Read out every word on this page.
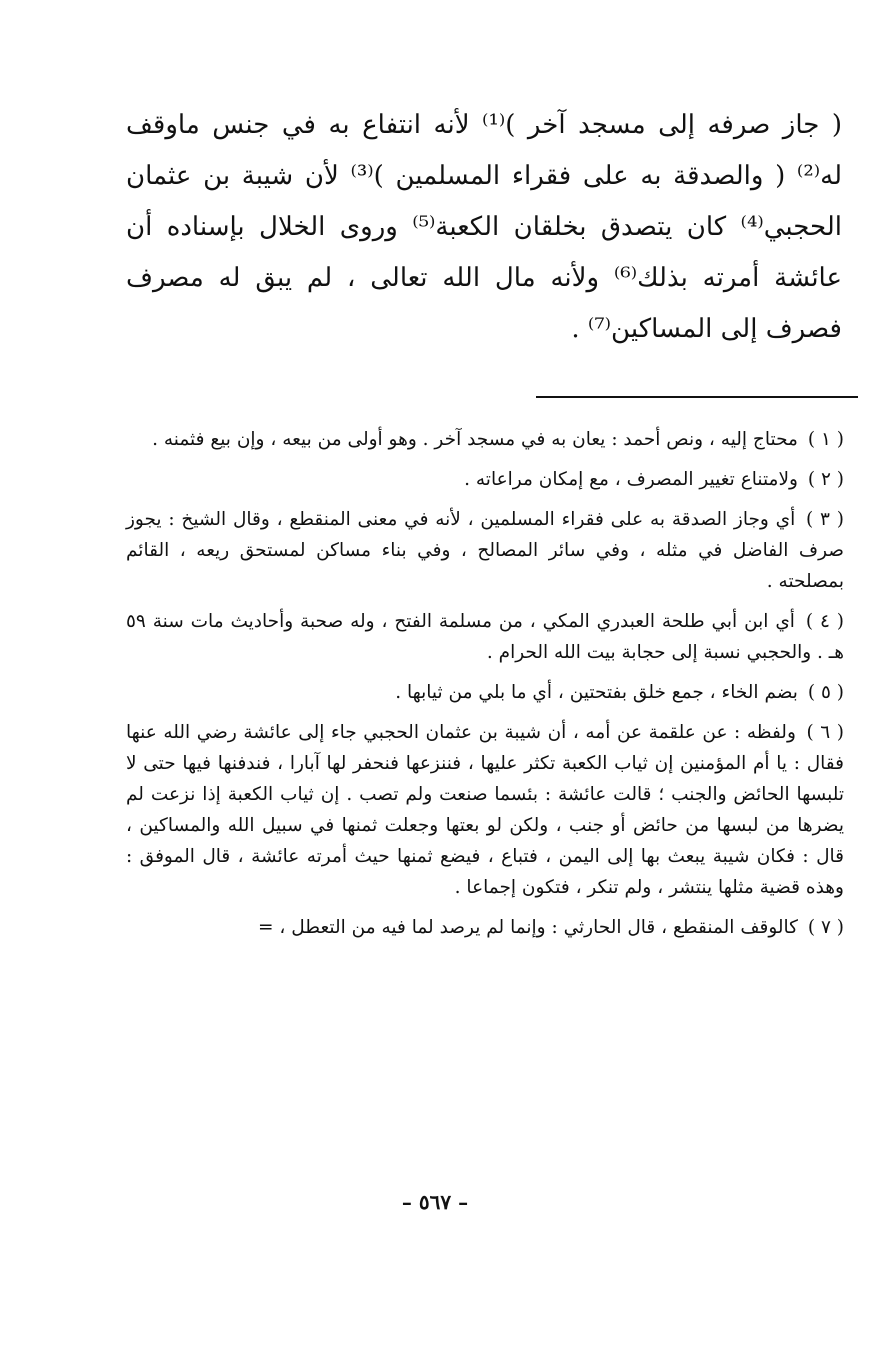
( جاز صرفه إلى مسجد آخر )⁽¹⁾ لأنه انتفاع به في جنس ماوقف له⁽²⁾ ( والصدقة به على فقراء المسلمين )⁽³⁾ لأن شيبة بن عثمان الحجبي⁽⁴⁾ كان يتصدق بخلقان الكعبة⁽⁵⁾ وروى الخلال بإسناده أن عائشة أمرته بذلك⁽⁶⁾ ولأنه مال الله تعالى ، لم يبق له مصرف فصرف إلى المساكين⁽⁷⁾ .

( ١ ) محتاج إليه ، ونص أحمد : يعان به في مسجد آخر . وهو أولى من بيعه ، وإن بيع فثمنه .

( ٢ ) ولامتناع تغيير المصرف ، مع إمكان مراعاته .

( ٣ ) أي وجاز الصدقة به على فقراء المسلمين ، لأنه في معنى المنقطع ، وقال الشيخ : يجوز صرف الفاضل في مثله ، وفي سائر المصالح ، وفي بناء مساكن لمستحق ريعه ، القائم بمصلحته .

( ٤ ) أي ابن أبي طلحة العبدري المكي ، من مسلمة الفتح ، وله صحبة وأحاديث مات سنة ٥٩ هـ . والحجبي نسبة إلى حجابة بيت الله الحرام .

( ٥ ) بضم الخاء ، جمع خلق بفتحتين ، أي ما بلي من ثيابها .

( ٦ ) ولفظه : عن علقمة عن أمه ، أن شيبة بن عثمان الحجبي جاء إلى عائشة رضي الله عنها فقال : يا أم المؤمنين إن ثياب الكعبة تكثر عليها ، فننزعها فنحفر لها آبارا ، فندفنها فيها حتى لا تلبسها الحائض والجنب ؛ قالت عائشة : بئسما صنعت ولم تصب . إن ثياب الكعبة إذا نزعت لم يضرها من لبسها من حائض أو جنب ، ولكن لو بعتها وجعلت ثمنها في سبيل الله والمساكين ، قال : فكان شيبة يبعث بها إلى اليمن ، فتباع ، فيضع ثمنها حيث أمرته عائشة ، قال الموفق : وهذه قضية مثلها ينتشر ، ولم تنكر ، فتكون إجماعا .

( ٧ ) كالوقف المنقطع ، قال الحارثي : وإنما لم يرصد لما فيه من التعطل ، =

– ٥٦٧ –
